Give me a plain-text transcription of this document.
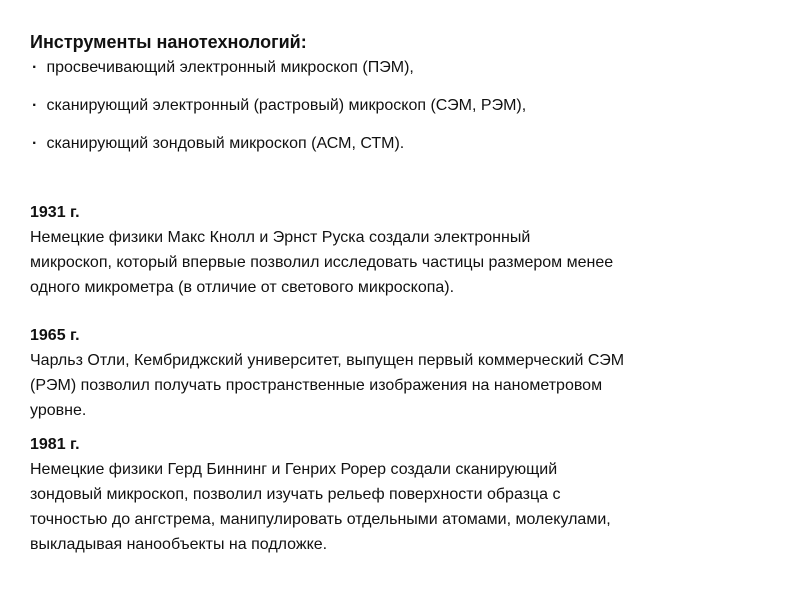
Инструменты нанотехнологий:
· просвечивающий электронный микроскоп (ПЭМ),
· сканирующий электронный (растровый) микроскоп (СЭМ, РЭМ),
· сканирующий зондовый микроскоп (АСМ, СТМ).
1931 г.
Немецкие физики Макс Кнолл и Эрнст Руска создали электронный
микроскоп, который впервые позволил исследовать частицы размером менее
одного микрометра (в отличие от светового микроскопа).
1965 г.
Чарльз Отли, Кембриджский университет, выпущен первый коммерческий СЭМ
(РЭМ) позволил получать пространственные изображения на нанометровом
уровне.
1981 г.
Немецкие физики Герд Биннинг и Генрих Рорер создали сканирующий
зондовый микроскоп, позволил изучать рельеф поверхности образца с
точностью до ангстрема, манипулировать отдельными атомами, молекулами,
выкладывая нанообъекты на подложке.
